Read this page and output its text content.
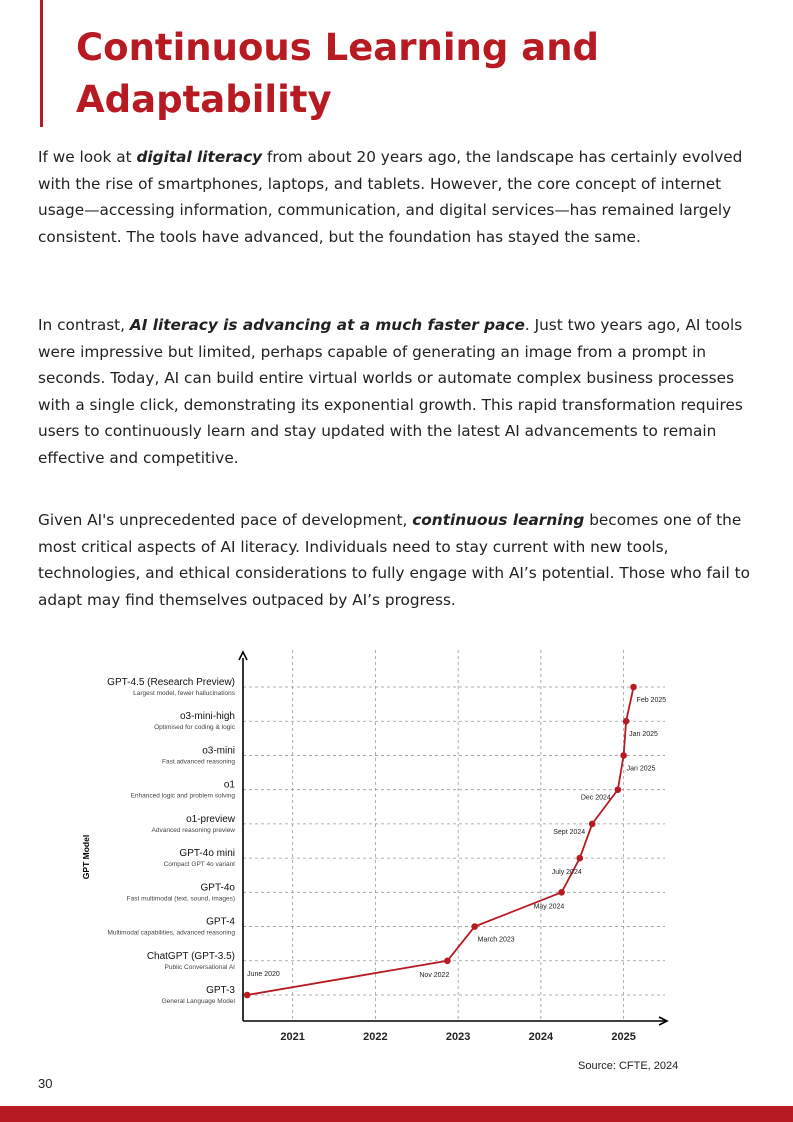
Continuous Learning and Adaptability

If we look at digital literacy from about 20 years ago, the landscape has certainly evolved with the rise of smartphones, laptops, and tablets. However, the core concept of internet usage—accessing information, communication, and digital services—has remained largely consistent. The tools have advanced, but the foundation has stayed the same.

In contrast, AI literacy is advancing at a much faster pace. Just two years ago, AI tools were impressive but limited, perhaps capable of generating an image from a prompt in seconds. Today, AI can build entire virtual worlds or automate complex business processes with a single click, demonstrating its exponential growth. This rapid transformation requires users to continuously learn and stay updated with the latest AI advancements to remain effective and competitive.

Given AI's unprecedented pace of development, continuous learning becomes one of the most critical aspects of AI literacy. Individuals need to stay current with new tools, technologies, and ethical considerations to fully engage with AI’s potential. Those who fail to adapt may find themselves outpaced by AI’s progress.

2021	2022	2023	2024	2025
GPT Model
GPT-3
General Language Model
ChatGPT (GPT-3.5)
Public Conversational AI
GPT-4
Multimodal capabilities, advanced reasoning
GPT-4o
Fast multimodal (text, sound, images)
GPT-4o mini
Compact GPT 4o variant
o1-preview
Advanced reasoning preview
o1
Enhanced logic and problem solving
o3-mini
Fast advanced reasoning
o3-mini-high
Optimised for coding & logic
GPT-4.5 (Research Preview)
Largest model, fewer hallucinations
June 2020	Nov 2022
March 2023
May 2024
July 2024
Sept 2024
Dec 2024
Jan 2025
Jan 2025
Feb 2025
Source: CFTE, 2024
30
